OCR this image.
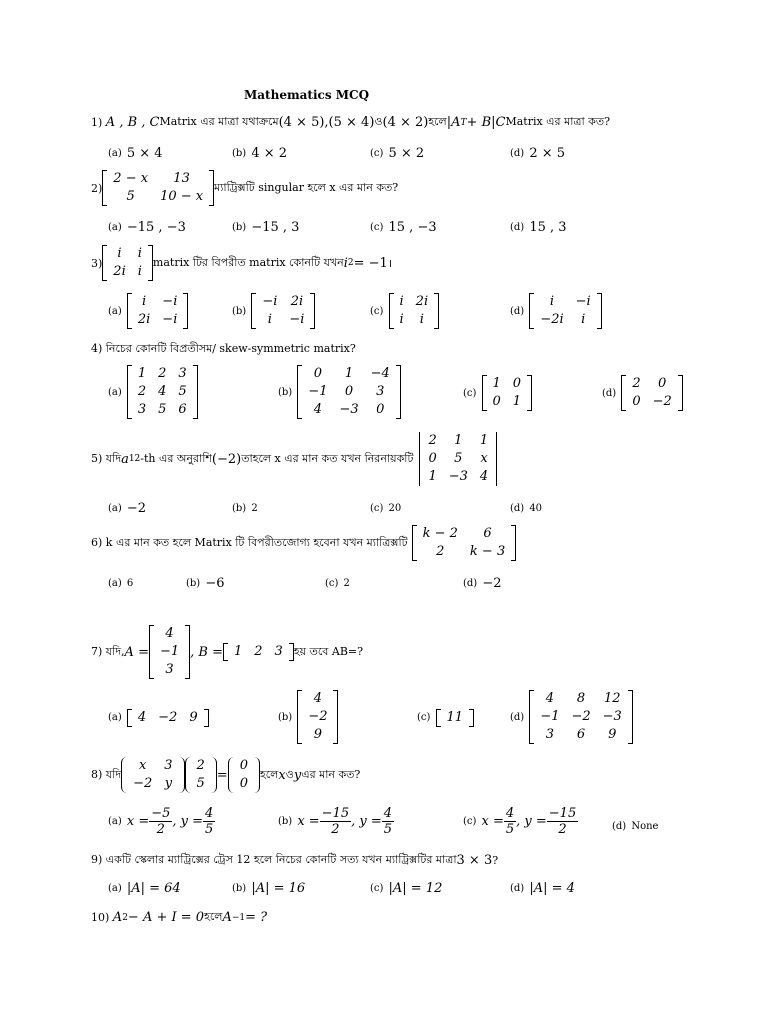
Mathematics MCQ
1)
A , B , C Matrix এর মাত্রা যথাক্রমে (4 × 5) , (5 × 4) ও (4 × 2) হলে | A T + B | C Matrix এর মাত্রা কত?
(a)
5 × 4	(b)
4 × 2	(c)
5 × 2	(d)
2 × 5
2)
2 − x	13
5	10 − x
ম্যাট্রিক্সটি singular হলে x এর মান কত?
(a)
−15 , −3	(b)
−15 , 3	(c)
15 , −3	(d)
15 , 3
3)
i	i
2i	i
matrix টির বিপরীত matrix কোনটি যখন i 2 = −1 ।
(a)

i	−i
2i	−i
(b)

−i	2i
i	−i
(c)

i	2i
i	i
(d)

i	−i
−2i	i
4) নিচের কোনটি বিপ্রতীসম/ skew-symmetric matrix?
(a)

1	2	3
2	4	5
3	5	6
(b)

0	1	−4
−1	0	3
4	−3	0
(c)

1	0
0	1
(d)

2	0
0	−2
5) যদি a 12 -th এর অনুরাশি (−2) তাহলে x এর মান কত যখন নিরনায়কটি
2	1	1
0	5	x
1	−3	4
(a)
−2	(b)
2	(c)
20	(d)
40
6) k এর মান কত হলে Matrix টি বিপরীতজোগ্য হবেনা যখন ম্যাত্রিক্সটি
k − 2	6
2	k − 3
(a)
6	(b)
−6	(c)
2	(d)
−2
7) যদি, A =
4
−1
3
, B = 1	2	3 হয় তবে AB=?
(a)
4	−2	9	(b)

4
−2
9
(c)
11	(d)

4	8	12
−1	−2	−3
3	6	9
8) যদি
x	3
−2	y
2
5
=
0
0
হলে x ও y এর মান কত?
(a)
$x = \frac{-5}{2}$ , $y = \frac{4}{5}$	(b)
$x = \frac{-15}{2}$ , $y = \frac{4}{5}$	(c)
$x = \frac{4}{5}$ , $y = \frac{-15}{2}$	(d)
None
9) একটি স্কেলার ম্যাট্রিক্সের ট্রেস 12 হলে নিচের কোনটি সত্য যখন ম্যাট্রিক্সটির মাত্রা 3 × 3 ?
(a)
|A| = 64	(b)
|A| = 16	(c)
|A| = 12	(d)
|A| = 4
10)
A 2 − A + I = 0 হলে A −1 = ?
